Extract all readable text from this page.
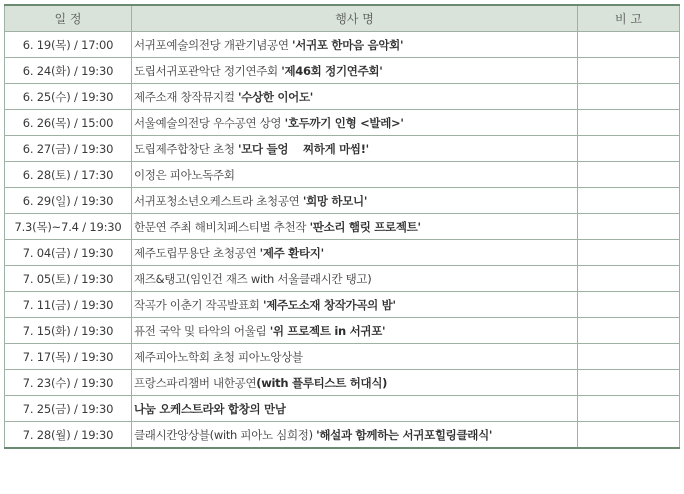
일 정	행사 명	비 고
6. 19(목) / 17:00	서귀포예술의전당 개관기념공연 '서귀포 한마음 음악회'	
6. 24(화) / 19:30	도립서귀포관악단 정기연주회 '제46회 정기연주회'	
6. 25(수) / 19:30	제주소재 창작뮤지컬 '수상한 이어도'	
6. 26(목) / 15:00	서울예술의전당 우수공연 상영 '호두까기 인형 <발레>'	
6. 27(금) / 19:30	도립제주합창단 초청 '모다 들엉    찌하게 마씸!'	
6. 28(토) / 17:30	이정은 피아노독주회	
6. 29(일) / 19:30	서귀포청소년오케스트라 초청공연 '희망 하모니'	
7.3(목)~7.4 / 19:30	한문연 주최 해비치페스티벌 추천작 '판소리 햄릿 프로젝트'	
7. 04(금) / 19:30	제주도립무용단 초청공연 '제주 환타지'	
7. 05(토) / 19:30	재즈&탱고(임인건 재즈 with 서울클래시칸 탱고)	
7. 11(금) / 19:30	작곡가 이춘기 작곡발표회 '제주도소재 창작가곡의 밤'	
7. 15(화) / 19:30	퓨전 국악 및 타악의 어울림 '위 프로젝트 in 서귀포'	
7. 17(목) / 19:30	제주피아노학회 초청 피아노앙상블	
7. 23(수) / 19:30	프랑스파리챔버 내한공연(with 플루티스트 허대식)	
7. 25(금) / 19:30	나눔 오케스트라와 합창의 만남	
7. 28(월) / 19:30	클래시칸앙상블(with 피아노 심희정) '해설과 함께하는 서귀포힐링클래식'	
